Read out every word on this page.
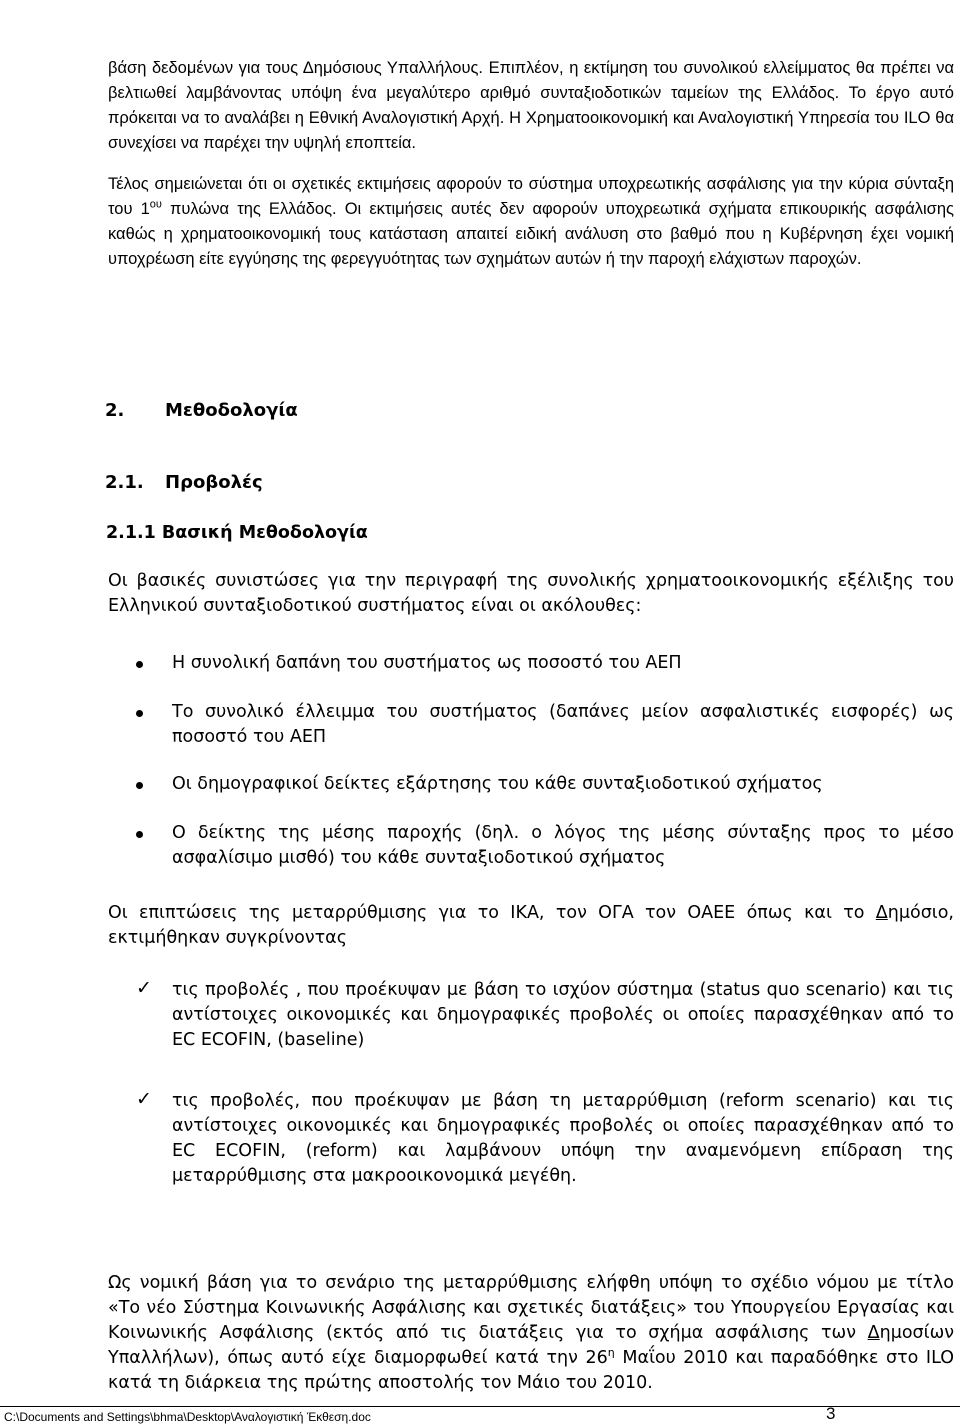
βάση δεδομένων για τους Δημόσιους Υπαλλήλους. Επιπλέον, η εκτίμηση του συνολικού ελλείμματος θα πρέπει να βελτιωθεί λαμβάνοντας υπόψη ένα μεγαλύτερο αριθμό συνταξιοδοτικών ταμείων της Ελλάδος. Το έργο αυτό πρόκειται να το αναλάβει η Εθνική Αναλογιστική Αρχή. Η Χρηματοοικονομική και Αναλογιστική Υπηρεσία του ILO θα συνεχίσει να παρέχει την υψηλή εποπτεία.

Τέλος σημειώνεται ότι οι σχετικές εκτιμήσεις αφορούν το σύστημα υποχρεωτικής ασφάλισης για την κύρια σύνταξη του $1^{o\upsilon}$ πυλώνα της Ελλάδος. Οι εκτιμήσεις αυτές δεν αφορούν υποχρεωτικά σχήματα επικουρικής ασφάλισης καθώς η χρηματοοικονομική τους κατάσταση απαιτεί ειδική ανάλυση στο βαθμό που η Κυβέρνηση έχει νομική υποχρέωση είτε εγγύησης της φερεγγυότητας των σχημάτων αυτών ή την παροχή ελάχιστων παροχών.

2. Μεθοδολογία
2.1. Προβολές
2.1.1 Βασική Μεθοδολογία

Οι βασικές συνιστώσες για την περιγραφή της συνολικής χρηματοοικονομικής εξέλιξης του Ελληνικού συνταξιοδοτικού συστήματος είναι οι ακόλουθες:

Η συνολική δαπάνη του συστήματος ως ποσοστό του ΑΕΠ
Το συνολικό έλλειμμα του συστήματος (δαπάνες μείον ασφαλιστικές εισφορές) ως ποσοστό του ΑΕΠ
Οι δημογραφικοί δείκτες εξάρτησης του κάθε συνταξιοδοτικού σχήματος
Ο δείκτης της μέσης παροχής (δηλ. ο λόγος της μέσης σύνταξης προς το μέσο ασφαλίσιμο μισθό) του κάθε συνταξιοδοτικού σχήματος

Οι επιπτώσεις της μεταρρύθμισης για το ΙΚΑ, τον ΟΓΑ τον ΟΑΕΕ όπως και το Δημόσιο, εκτιμήθηκαν συγκρίνοντας

✓ τις προβολές , που προέκυψαν με βάση το ισχύον σύστημα (status quo scenario) και τις αντίστοιχες οικονομικές και δημογραφικές προβολές οι οποίες παρασχέθηκαν από το EC ECOFIN, (baseline)
✓ τις προβολές, που προέκυψαν με βάση τη μεταρρύθμιση (reform scenario) και τις αντίστοιχες οικονομικές και δημογραφικές προβολές οι οποίες παρασχέθηκαν από το EC ECOFIN, (reform) και λαμβάνουν υπόψη την αναμενόμενη επίδραση της μεταρρύθμισης στα μακροοικονομικά μεγέθη.

Ως νομική βάση για το σενάριο της μεταρρύθμισης ελήφθη υπόψη το σχέδιο νόμου με τίτλο «Το νέο Σύστημα Κοινωνικής Ασφάλισης και σχετικές διατάξεις» του Υπουργείου Εργασίας και Κοινωνικής Ασφάλισης (εκτός από τις διατάξεις για το σχήμα ασφάλισης των Δημοσίων Υπαλλήλων), όπως αυτό είχε διαμορφωθεί κατά την $26^\eta$ Μαΐου 2010 και παραδόθηκε στο ILO κατά τη διάρκεια της πρώτης αποστολής τον Μάιο του 2010.

C:\Documents and Settings\bhma\Desktop\Αναλογιστική Έκθεση.doc	3
